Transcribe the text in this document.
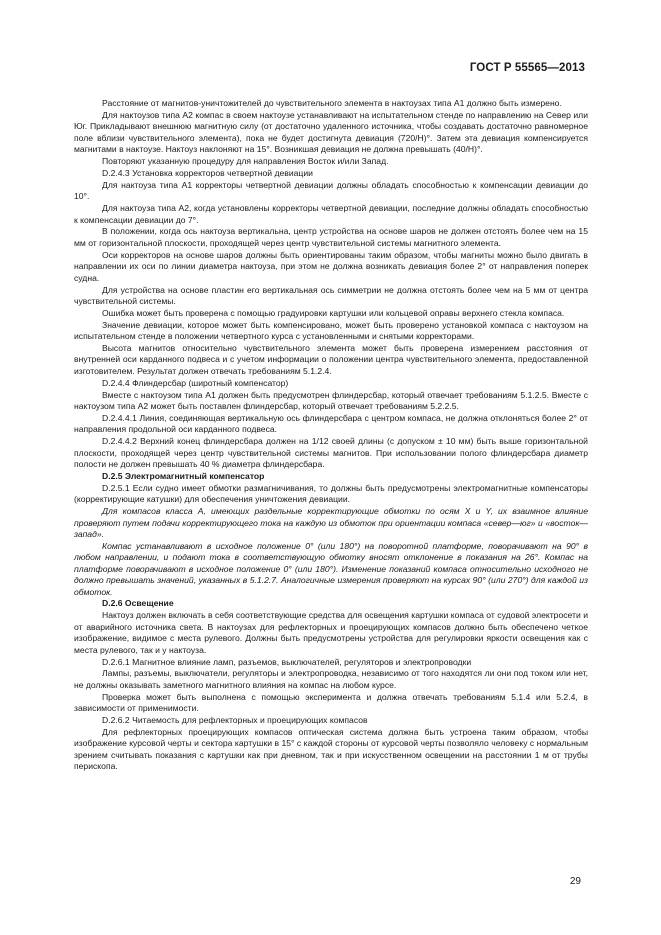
ГОСТ Р 55565—2013

Расстояние от магнитов-уничтожителей до чувствительного элемента в нактоузах типа А1 должно быть измерено.

Для нактоузов типа А2 компас в своем нактоузе устанавливают на испытательном стенде по направлению на Север или Юг. Прикладывают внешнюю магнитную силу (от достаточно удаленного источника, чтобы создавать достаточно равномерное поле вблизи чувствительного элемента), пока не будет достигнута девиация (720/H)°. Затем эта девиация компенсируется магнитами в нактоузе. Нактоуз наклоняют на 15°. Возникшая девиация не должна превышать (40/H)°.

Повторяют указанную процедуру для направления Восток и/или Запад.

D.2.4.3 Установка корректоров четвертной девиации

Для нактоуза типа А1 корректоры четвертной девиации должны обладать способностью к компенсации девиации до 10°.

Для нактоуза типа А2, когда установлены корректоры четвертной девиации, последние должны обладать способностью к компенсации девиации до 7°.

В положении, когда ось нактоуза вертикальна, центр устройства на основе шаров не должен отстоять более чем на 15 мм от горизонтальной плоскости, проходящей через центр чувствительной системы магнитного элемента.

Оси корректоров на основе шаров должны быть ориентированы таким образом, чтобы магниты можно было двигать в направлении их оси по линии диаметра нактоуза, при этом не должна возникать девиация более 2° от направления поперек судна.

Для устройства на основе пластин его вертикальная ось симметрии не должна отстоять более чем на 5 мм от центра чувствительной системы.

Ошибка может быть проверена с помощью градуировки картушки или кольцевой оправы верхнего стекла компаса.

Значение девиации, которое может быть компенсировано, может быть проверено установкой компаса с нактоузом на испытательном стенде в положении четвертного курса с установленными и снятыми корректорами.

Высота магнитов относительно чувствительного элемента может быть проверена измерением расстояния от внутренней оси карданного подвеса и с учетом информации о положении центра чувствительного элемента, предоставленной изготовителем. Результат должен отвечать требованиям 5.1.2.4.

D.2.4.4 Флиндерсбар (широтный компенсатор)

Вместе с нактоузом типа А1 должен быть предусмотрен флиндерсбар, который отвечает требованиям 5.1.2.5. Вместе с нактоузом типа А2 может быть поставлен флиндерсбар, который отвечает требованиям 5.2.2.5.

D.2.4.4.1 Линия, соединяющая вертикальную ось флиндерсбара с центром компаса, не должна отклоняться более 2° от направления продольной оси карданного подвеса.

D.2.4.4.2 Верхний конец флиндерсбара должен на 1/12 своей длины (с допуском ± 10 мм) быть выше горизонтальной плоскости, проходящей через центр чувствительной системы магнитов. При использовании полого флиндерсбара диаметр полости не должен превышать 40 % диаметра флиндерсбара.

D.2.5 Электромагнитный компенсатор

D.2.5.1 Если судно имеет обмотки размагничивания, то должны быть предусмотрены электромагнитные компенсаторы (корректирующие катушки) для обеспечения уничтожения девиации.

Для компасов класса А, имеющих раздельные корректирующие обмотки по осям X и Y, их взаимное влияние проверяют путем подачи корректирующего тока на каждую из обмоток при ориентации компаса «север—юг» и «восток—запад».

Компас устанавливают в исходное положение 0° (или 180°) на поворотной платформе, поворачивают на 90° в любом направлении, и подают тока в соответствующую обмотку вносят отклонение в показания на 26°. Компас на платформе поворачивают в исходное положение 0° (или 180°). Изменение показаний компаса относительно исходного не должно превышать значений, указанных в 5.1.2.7. Аналогичные измерения проверяют на курсах 90° (или 270°) для каждой из обмоток.

D.2.6 Освещение

Нактоуз должен включать в себя соответствующие средства для освещения картушки компаса от судовой электросети и от аварийного источника света. В нактоузах для рефлекторных и проецирующих компасов должно быть обеспечено четкое изображение, видимое с места рулевого. Должны быть предусмотрены устройства для регулировки яркости освещения как с места рулевого, так и у нактоуза.

D.2.6.1 Магнитное влияние ламп, разъемов, выключателей, регуляторов и электропроводки

Лампы, разъемы, выключатели, регуляторы и электропроводка, независимо от того находятся ли они под током или нет, не должны оказывать заметного магнитного влияния на компас на любом курсе.

Проверка может быть выполнена с помощью эксперимента и должна отвечать требованиям 5.1.4 или 5.2.4, в зависимости от применимости.

D.2.6.2 Читаемость для рефлекторных и проецирующих компасов

Для рефлекторных проецирующих компасов оптическая система должна быть устроена таким образом, чтобы изображение курсовой черты и сектора картушки в 15° с каждой стороны от курсовой черты позволяло человеку с нормальным зрением считывать показания с картушки как при дневном, так и при искусственном освещении на расстоянии 1 м от трубы перископа.

29
